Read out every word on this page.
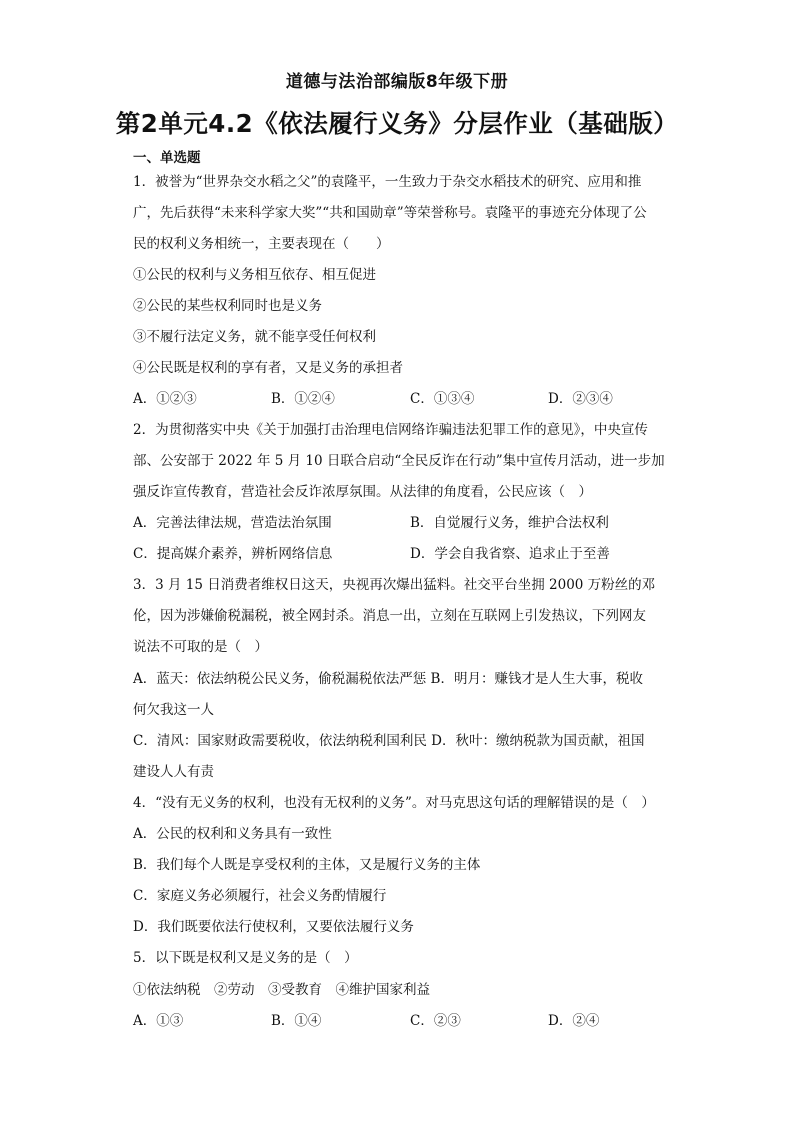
道德与法治部编版8年级下册
第2单元4.2《依法履行义务》分层作业（基础版）
一、单选题
1．被誉为“世界杂交水稻之父”的袁隆平，一生致力于杂交水稻技术的研究、应用和推
广，先后获得“未来科学家大奖”“共和国勋章”等荣誉称号。袁隆平的事迹充分体现了公
民的权利义务相统一，主要表现在（　　）
①公民的权利与义务相互依存、相互促进
②公民的某些权利同时也是义务
③不履行法定义务，就不能享受任何权利
④公民既是权利的享有者，又是义务的承担者
A．①②③	B．①②④	C．①③④	D．②③④
2．为贯彻落实中央《关于加强打击治理电信网络诈骗违法犯罪工作的意见》，中央宣传
部、公安部于 2022 年 5 月 10 日联合启动“全民反诈在行动”集中宣传月活动，进一步加
强反诈宣传教育，营造社会反诈浓厚氛围。从法律的角度看，公民应该（　）
A．完善法律法规，营造法治氛围	B．自觉履行义务，维护合法权利
C．提高媒介素养，辨析网络信息	D．学会自我省察、追求止于至善
3．3 月 15 日消费者维权日这天，央视再次爆出猛料。社交平台坐拥 2000 万粉丝的邓
伦，因为涉嫌偷税漏税，被全网封杀。消息一出，立刻在互联网上引发热议，下列网友
说法不可取的是（　）
A．蓝天：依法纳税公民义务，偷税漏税依法严惩 B．明月：赚钱才是人生大事，税收
何欠我这一人
C．清风：国家财政需要税收，依法纳税利国利民 D．秋叶：缴纳税款为国贡献，祖国
建设人人有责
4．“没有无义务的权利，也没有无权利的义务”。对马克思这句话的理解错误的是（　）
A．公民的权利和义务具有一致性
B．我们每个人既是享受权利的主体，又是履行义务的主体
C．家庭义务必须履行，社会义务酌情履行
D．我们既要依法行使权利，又要依法履行义务
5．以下既是权利又是义务的是（　）
①依法纳税　②劳动　③受教育　④维护国家利益
A．①③	B．①④	C．②③	D．②④
